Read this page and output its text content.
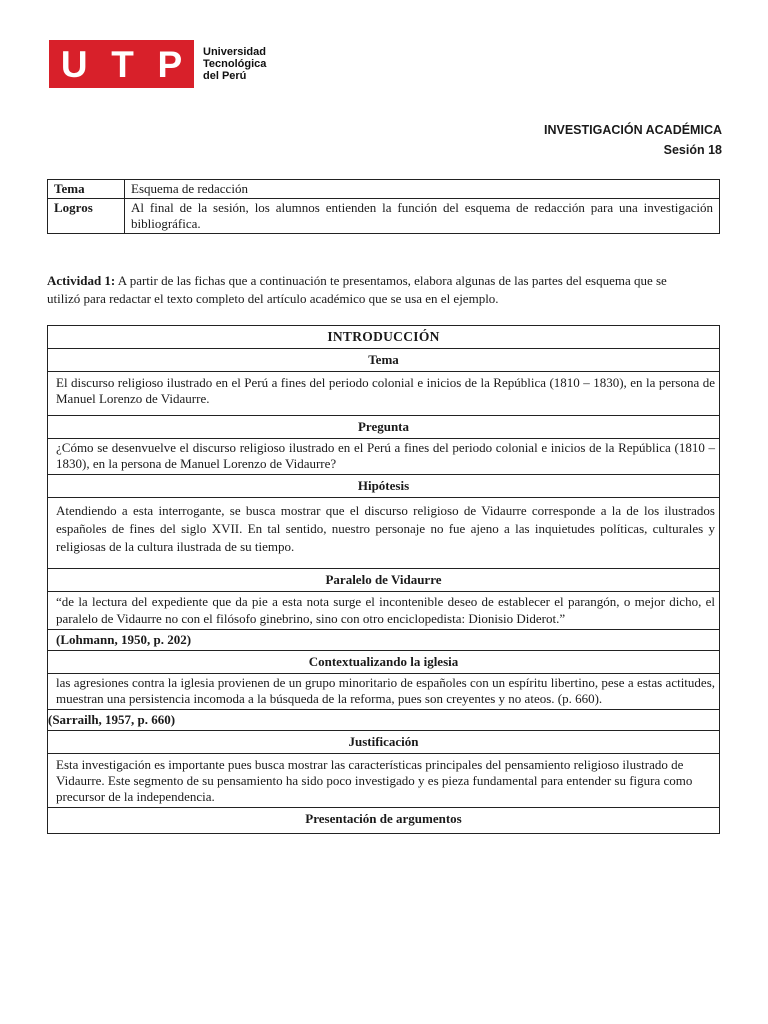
U T P Universidad
Tecnológica
del Perú
INVESTIGACIÓN ACADÉMICA
Sesión 18
Tema	Esquema de redacción
Logros	Al final de la sesión, los alumnos entienden la función del esquema de redacción para una investigación bibliográfica.
Actividad 1: A partir de las fichas que a continuación te presentamos, elabora algunas de las partes del esquema que se utilizó para redactar el texto completo del artículo académico que se usa en el ejemplo.
INTRODUCCIÓN
Tema
El discurso religioso ilustrado en el Perú a fines del periodo colonial e inicios de la República (1810 – 1830), en la persona de Manuel Lorenzo de Vidaurre.
Pregunta
¿Cómo se desenvuelve el discurso religioso ilustrado en el Perú a fines del periodo colonial e inicios de la República (1810 – 1830), en la persona de Manuel Lorenzo de Vidaurre?
Hipótesis
Atendiendo a esta interrogante, se busca mostrar que el discurso religioso de Vidaurre corresponde a la de los ilustrados españoles de fines del siglo XVII. En tal sentido, nuestro personaje no fue ajeno a las inquietudes políticas, culturales y religiosas de la cultura ilustrada de su tiempo.
Paralelo de Vidaurre
“de la lectura del expediente que da pie a esta nota surge el incontenible deseo de establecer el parangón, o mejor dicho, el paralelo de Vidaurre no con el filósofo ginebrino, sino con otro enciclopedista: Dionisio Diderot.”
(Lohmann, 1950, p. 202)
Contextualizando la iglesia
las agresiones contra la iglesia provienen de un grupo minoritario de españoles con un espíritu libertino, pese a estas actitudes, muestran una persistencia incomoda a la búsqueda de la reforma, pues son creyentes y no ateos. (p. 660).
(Sarrailh, 1957, p. 660)
Justificación
Esta investigación es importante pues busca mostrar las características principales del pensamiento religioso ilustrado de Vidaurre. Este segmento de su pensamiento ha sido poco investigado y es pieza fundamental para entender su figura como precursor de la independencia.
Presentación de argumentos
